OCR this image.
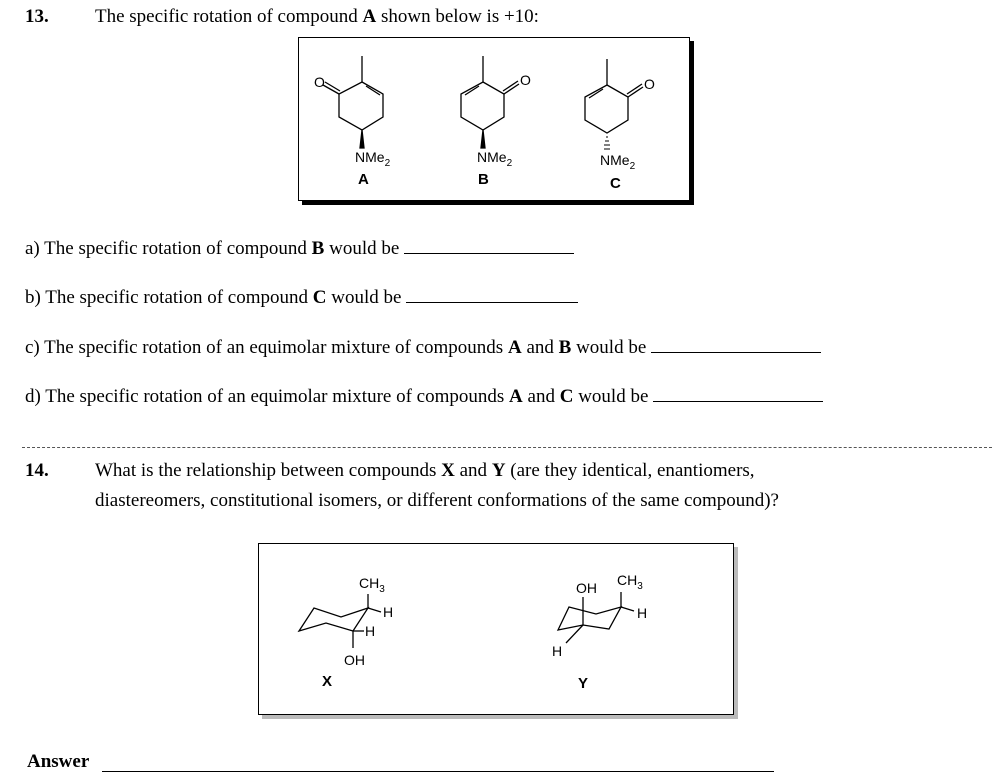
13. The specific rotation of compound A shown below is +10:
a) The specific rotation of compound B would be
b) The specific rotation of compound C would be
c) The specific rotation of an equimolar mixture of compounds A and B would be
d) The specific rotation of an equimolar mixture of compounds A and C would be
14. What is the relationship between compounds X and Y (are they identical, enantiomers,
diastereomers, constitutional isomers, or different conformations of the same compound)?
O	O	O
NMe$_2$	NMe$_2$	NMe$_2$
A	B	C
$CH_3$
H
H
OH
X
OH $CH_3$
H
H
Y
Answer
